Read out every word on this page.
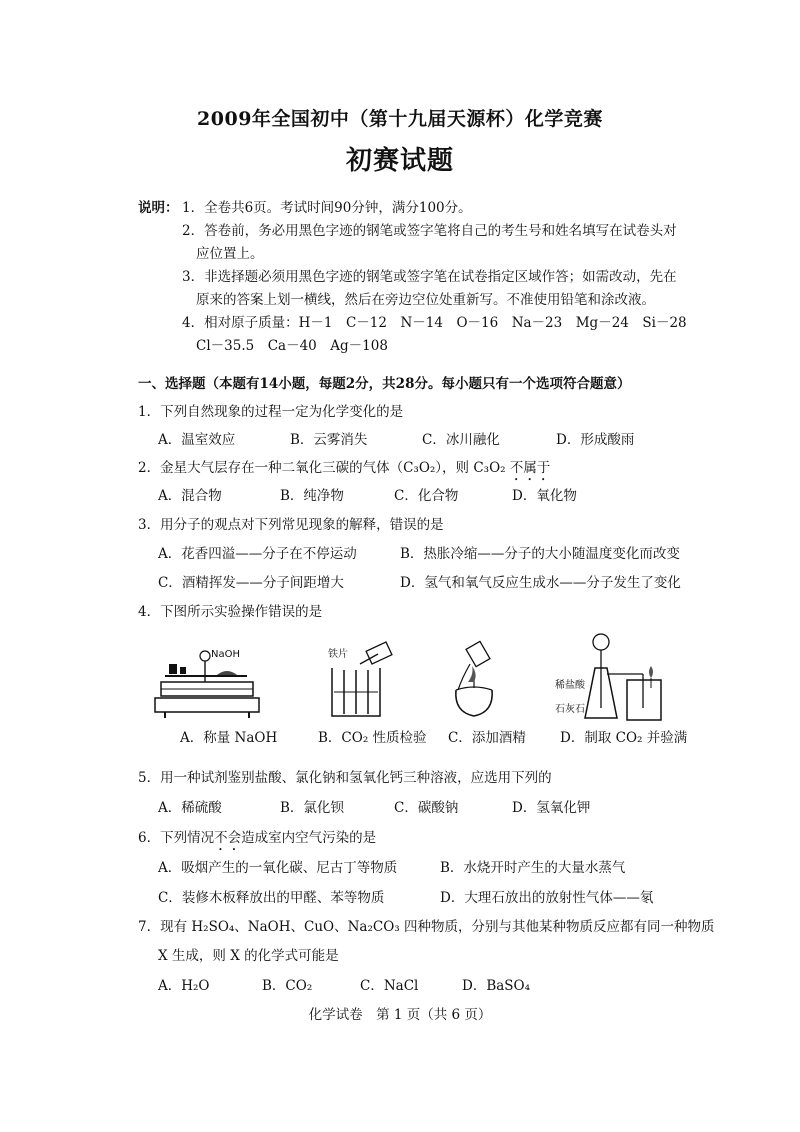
2009年全国初中（第十九届天源杯）化学竞赛
初赛试题
说明： 1．全卷共6页。考试时间90分钟，满分100分。
2．答卷前，务必用黑色字迹的钢笔或签字笔将自己的考生号和姓名填写在试卷头对
应位置上。
3．非选择题必须用黑色字迹的钢笔或签字笔在试卷指定区域作答；如需改动，先在
原来的答案上划一横线，然后在旁边空位处重新写。不准使用铅笔和涂改液。
4．相对原子质量：H－1　C－12　N－14　O－16　Na－23　Mg－24　Si－28
Cl－35.5　Ca－40　Ag－108
一、选择题（本题有14小题，每题2分，共28分。每小题只有一个选项符合题意）
1．下列自然现象的过程一定为化学变化的是
A．温室效应	B．云雾消失	C．冰川融化	D．形成酸雨
2．金星大气层存在一种二氧化三碳的气体（C₃O₂），则 C₃O₂ 不属于
A．混合物	B．纯净物	C．化合物	D．氧化物
3．用分子的观点对下列常见现象的解释，错误的是
A．花香四溢——分子在不停运动	B．热胀冷缩——分子的大小随温度变化而改变
C．酒精挥发——分子间距增大	D．氢气和氧气反应生成水——分子发生了变化
4．下图所示实验操作错误的是
NaOH	铁片
稀盐酸
石灰石
A．称量 NaOH	B．CO₂ 性质检验 C．添加酒精	D．制取 CO₂ 并验满
5．用一种试剂鉴别盐酸、氯化钠和氢氧化钙三种溶液，应选用下列的
A．稀硫酸	B．氯化钡	C．碳酸钠	D．氢氧化钾
6．下列情况不会造成室内空气污染的是
A．吸烟产生的一氧化碳、尼古丁等物质	B．水烧开时产生的大量水蒸气
C．装修木板释放出的甲醛、苯等物质	D．大理石放出的放射性气体——氡
7．现有 H₂SO₄、NaOH、CuO、Na₂CO₃ 四种物质，分别与其他某种物质反应都有同一种物质
X 生成，则 X 的化学式可能是
A．H₂O	B．CO₂	C．NaCl	D．BaSO₄
化学试卷　第 1 页（共 6 页）
